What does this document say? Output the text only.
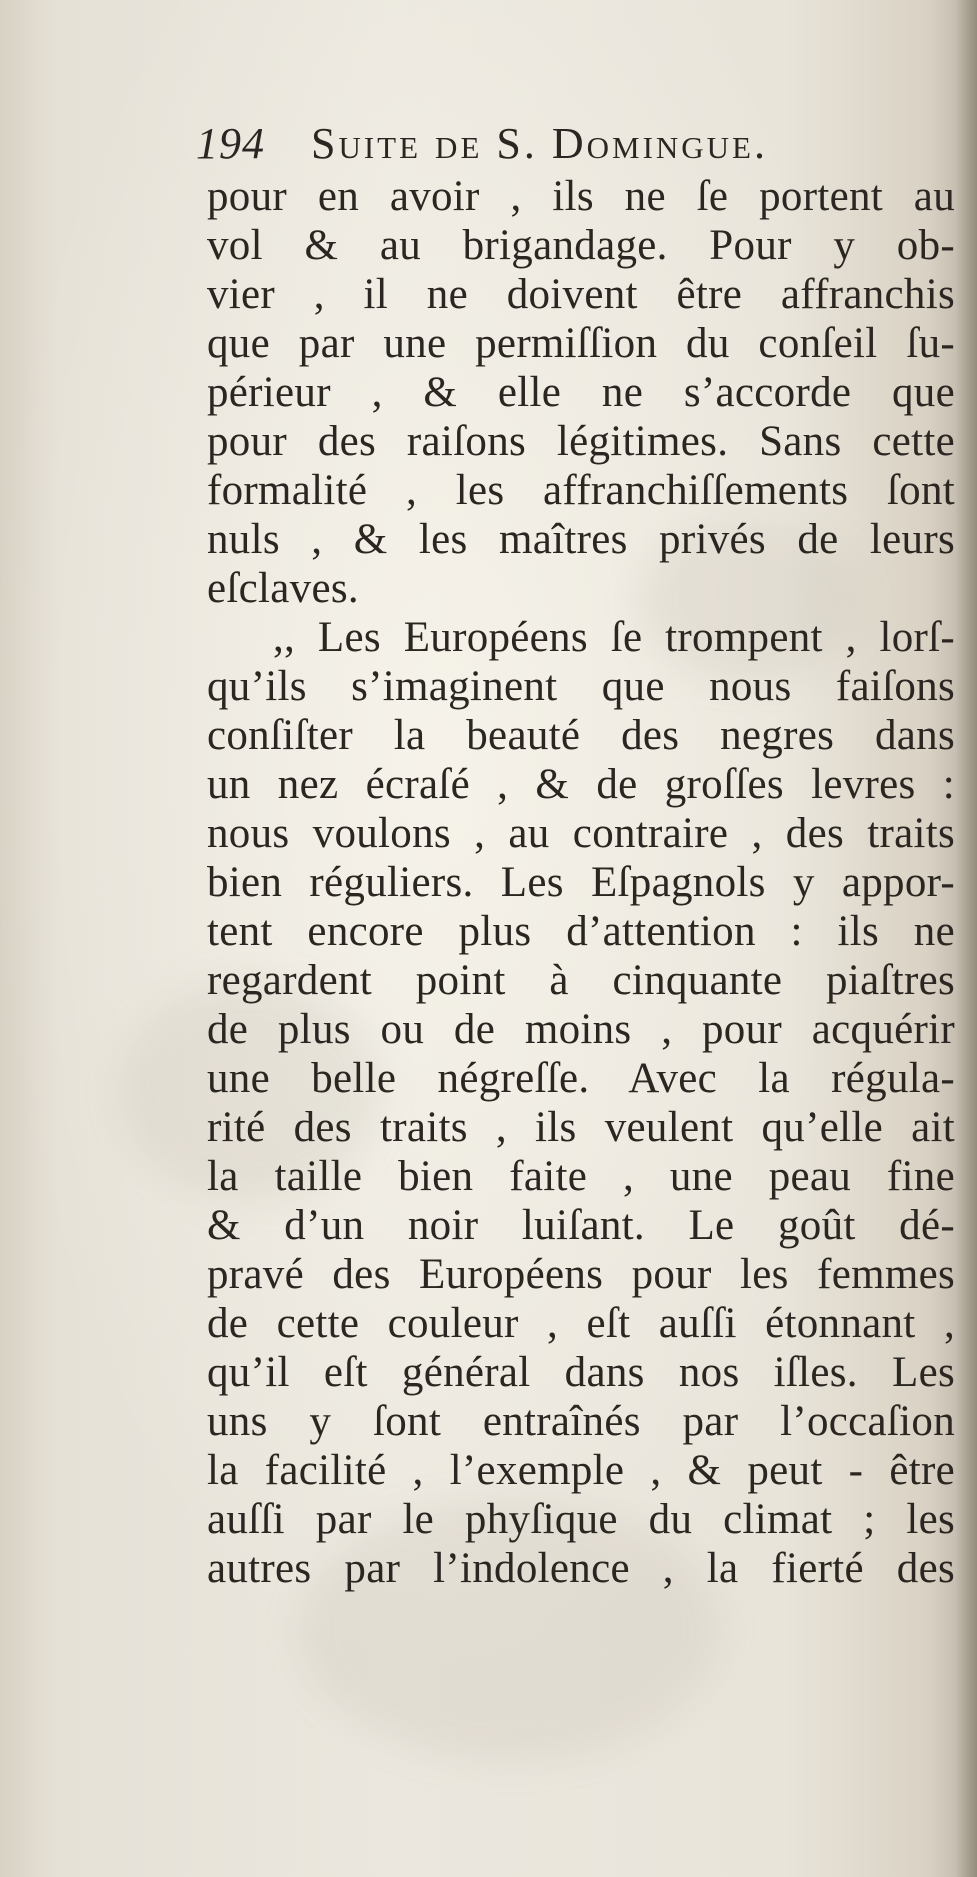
194 Suite de S. Domingue.
pour en avoir , ils ne ſe portent au
vol & au brigandage. Pour y ob-
vier , il ne doivent être affranchis
que par une permiſſion du conſeil ſu-
périeur , & elle ne s’accorde que
pour des raiſons légitimes. Sans cette
formalité , les affranchiſſements ſont
nuls , & les maîtres privés de leurs
eſclaves.
,, Les Européens ſe trompent , lorſ-
qu’ils s’imaginent que nous faiſons
conſiſter la beauté des negres dans
un nez écraſé , & de groſſes levres :
nous voulons , au contraire , des traits
bien réguliers. Les Eſpagnols y appor-
tent encore plus d’attention : ils ne
regardent point à cinquante piaſtres
de plus ou de moins , pour acquérir
une belle négreſſe. Avec la régula-
rité des traits , ils veulent qu’elle ait
la taille bien faite , une peau fine
& d’un noir luiſant. Le goût dé-
pravé des Européens pour les femmes
de cette couleur , eſt auſſi étonnant ,
qu’il eſt général dans nos iſles. Les
uns y ſont entraînés par l’occaſion
la facilité , l’exemple , & peut - être
auſſi par le phyſique du climat ; les
autres par l’indolence , la fierté des
